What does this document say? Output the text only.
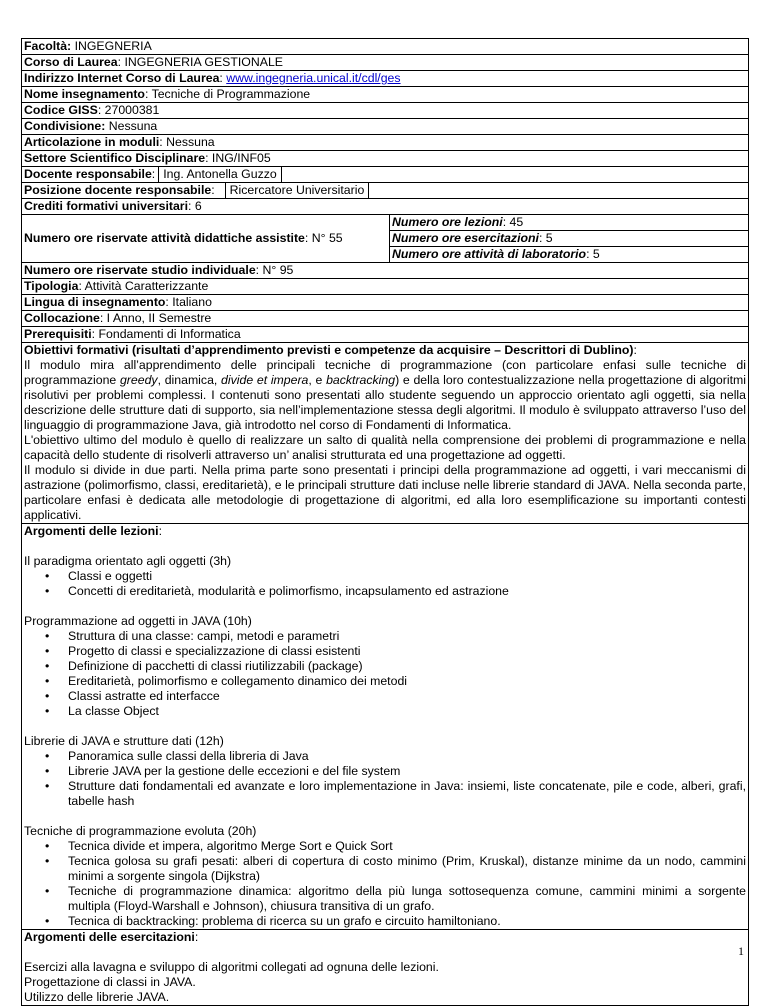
Facoltà: INGEGNERIA
Corso di Laurea: INGEGNERIA GESTIONALE
Indirizzo Internet Corso di Laurea: www.ingegneria.unical.it/cdl/ges
Nome insegnamento: Tecniche di Programmazione
Codice GISS: 27000381
Condivisione: Nessuna
Articolazione in moduli: Nessuna
Settore Scientifico Disciplinare: ING/INF05
Docente responsabile: Ing. Antonella Guzzo
Posizione docente responsabile: Ricercatore Universitario
Crediti formativi universitari: 6
Numero ore riservate attività didattiche assistite: N° 55
Numero ore lezioni: 45
Numero ore esercitazioni: 5
Numero ore attività di laboratorio: 5
Numero ore riservate studio individuale: N° 95
Tipologia: Attività Caratterizzante
Lingua di insegnamento: Italiano
Collocazione: I Anno, II Semestre
Prerequisiti: Fondamenti di Informatica
Obiettivi formativi (risultati d’apprendimento previsti e competenze da acquisire – Descrittori di Dublino):
Il modulo mira all’apprendimento delle principali tecniche di programmazione (con particolare enfasi sulle tecniche di programmazione greedy, dinamica, divide et impera, e backtracking) e della loro contestualizzazione nella progettazione di algoritmi risolutivi per problemi complessi. I contenuti sono presentati allo studente seguendo un approccio orientato agli oggetti, sia nella descrizione delle strutture dati di supporto, sia nell’implementazione stessa degli algoritmi. Il modulo è sviluppato attraverso l’uso del linguaggio di programmazione Java, già introdotto nel corso di Fondamenti di Informatica.
L'obiettivo ultimo del modulo è quello di realizzare un salto di qualità nella comprensione dei problemi di programmazione e nella capacità dello studente di risolverli attraverso un’ analisi strutturata ed una progettazione ad oggetti.
Il modulo si divide in due parti. Nella prima parte sono presentati i principi della programmazione ad oggetti, i vari meccanismi di astrazione (polimorfismo, classi, ereditarietà), e le principali strutture dati incluse nelle librerie standard di JAVA. Nella seconda parte, particolare enfasi è dedicata alle metodologie di progettazione di algoritmi, ed alla loro esemplificazione su importanti contesti applicativi.
Argomenti delle lezioni:
Il paradigma orientato agli oggetti (3h)
• Classi e oggetti
• Concetti di ereditarietà, modularità e polimorfismo, incapsulamento ed astrazione
Programmazione ad oggetti in JAVA (10h)
• Struttura di una classe: campi, metodi e parametri
• Progetto di classi e specializzazione di classi esistenti
• Definizione di pacchetti di classi riutilizzabili (package)
• Ereditarietà, polimorfismo e collegamento dinamico dei metodi
• Classi astratte ed interfacce
• La classe Object
Librerie di JAVA e strutture dati (12h)
• Panoramica sulle classi della libreria di Java
• Librerie JAVA per la gestione delle eccezioni e del file system
• Strutture dati fondamentali ed avanzate e loro implementazione in Java: insiemi, liste concatenate, pile e code, alberi, grafi, tabelle hash
Tecniche di programmazione evoluta (20h)
• Tecnica divide et impera, algoritmo Merge Sort e Quick Sort
• Tecnica golosa su grafi pesati: alberi di copertura di costo minimo (Prim, Kruskal), distanze minime da un nodo, cammini minimi a sorgente singola (Dijkstra)
• Tecniche di programmazione dinamica: algoritmo della più lunga sottosequenza comune, cammini minimi a sorgente multipla (Floyd-Warshall e Johnson), chiusura transitiva di un grafo.
• Tecnica di backtracking: problema di ricerca su un grafo e circuito hamiltoniano.
Argomenti delle esercitazioni:
Esercizi alla lavagna e sviluppo di algoritmi collegati ad ognuna delle lezioni.
Progettazione di classi in JAVA.
Utilizzo delle librerie JAVA.
1
